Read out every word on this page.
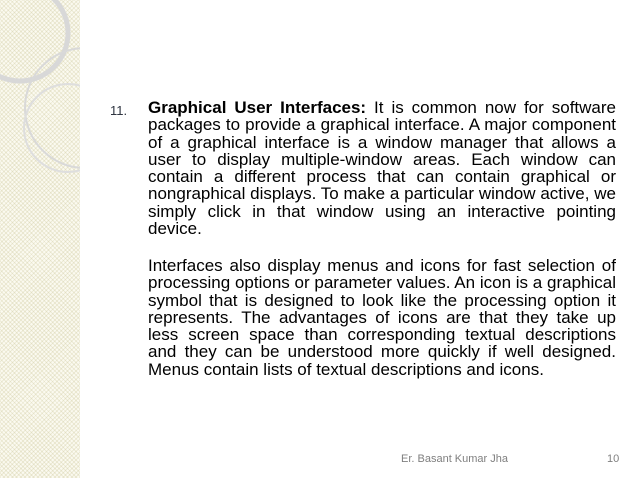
11. Graphical User Interfaces: It is common now for software packages to provide a graphical interface. A major component of a graphical interface is a window manager that allows a user to display multiple-window areas. Each window can contain a different process that can contain graphical or nongraphical displays. To make a particular window active, we simply click in that window using an interactive pointing device.

Interfaces also display menus and icons for fast selection of processing options or parameter values. An icon is a graphical symbol that is designed to look like the processing option it represents. The advantages of icons are that they take up less screen space than corresponding textual descriptions and they can be understood more quickly if well designed. Menus contain lists of textual descriptions and icons.

Er. Basant Kumar Jha	10
